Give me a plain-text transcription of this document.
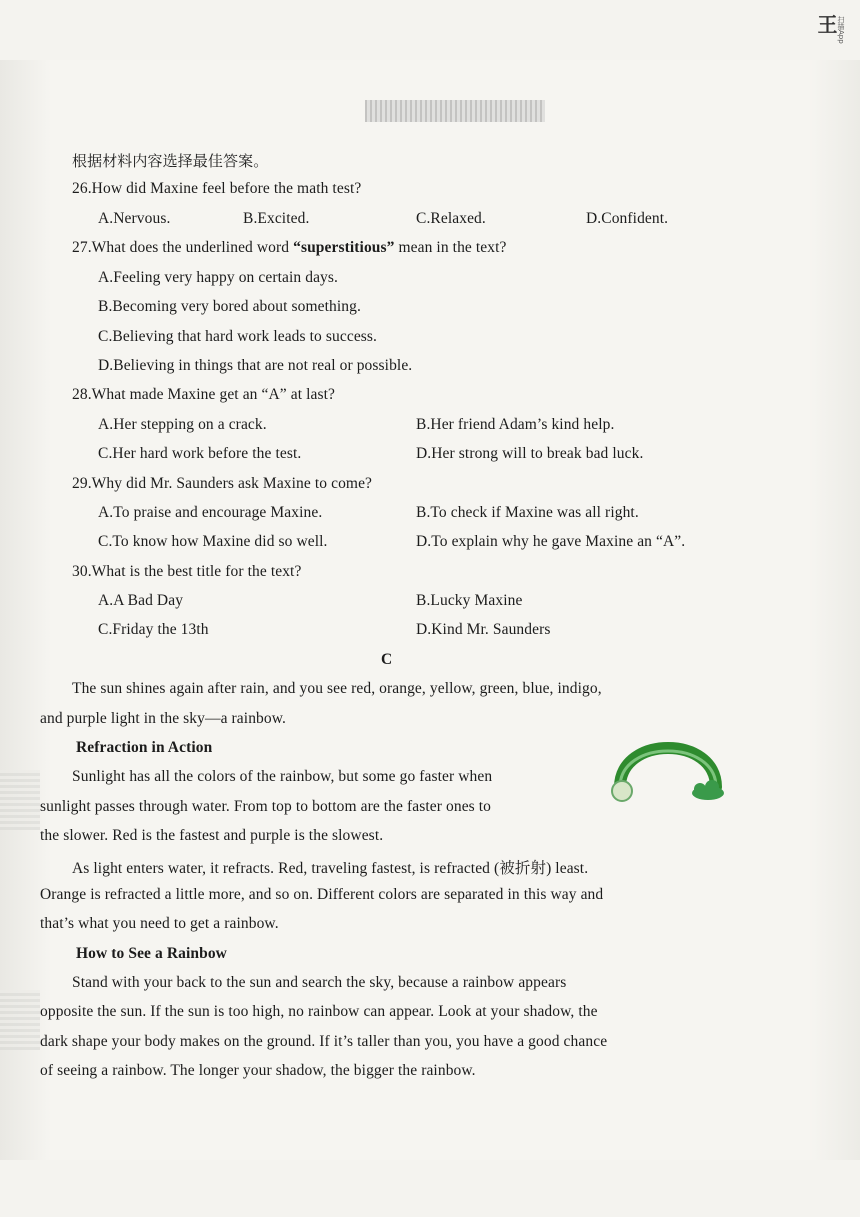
王 扫描App
根据材料内容选择最佳答案。
26.How did Maxine feel before the math test?
A.Nervous.	B.Excited.	C.Relaxed.	D.Confident.
27.What does the underlined word “superstitious” mean in the text?
A.Feeling very happy on certain days.
B.Becoming very bored about something.
C.Believing that hard work leads to success.
D.Believing in things that are not real or possible.
28.What made Maxine get an “A” at last?
A.Her stepping on a crack.	B.Her friend Adam’s kind help.
C.Her hard work before the test.	D.Her strong will to break bad luck.
29.Why did Mr. Saunders ask Maxine to come?
A.To praise and encourage Maxine.	B.To check if Maxine was all right.
C.To know how Maxine did so well.	D.To explain why he gave Maxine an “A”.
30.What is the best title for the text?
A.A Bad Day	B.Lucky Maxine
C.Friday the 13th	D.Kind Mr. Saunders
C
The sun shines again after rain, and you see red, orange, yellow, green, blue, indigo,
and purple light in the sky—a rainbow.
Refraction in Action
Sunlight has all the colors of the rainbow, but some go faster when
sunlight passes through water. From top to bottom are the faster ones to
the slower. Red is the fastest and purple is the slowest.
As light enters water, it refracts. Red, traveling fastest, is refracted (被折射) least.
Orange is refracted a little more, and so on. Different colors are separated in this way and
that’s what you need to get a rainbow.
How to See a Rainbow
Stand with your back to the sun and search the sky, because a rainbow appears
opposite the sun. If the sun is too high, no rainbow can appear. Look at your shadow, the
dark shape your body makes on the ground. If it’s taller than you, you have a good chance
of seeing a rainbow. The longer your shadow, the bigger the rainbow.
